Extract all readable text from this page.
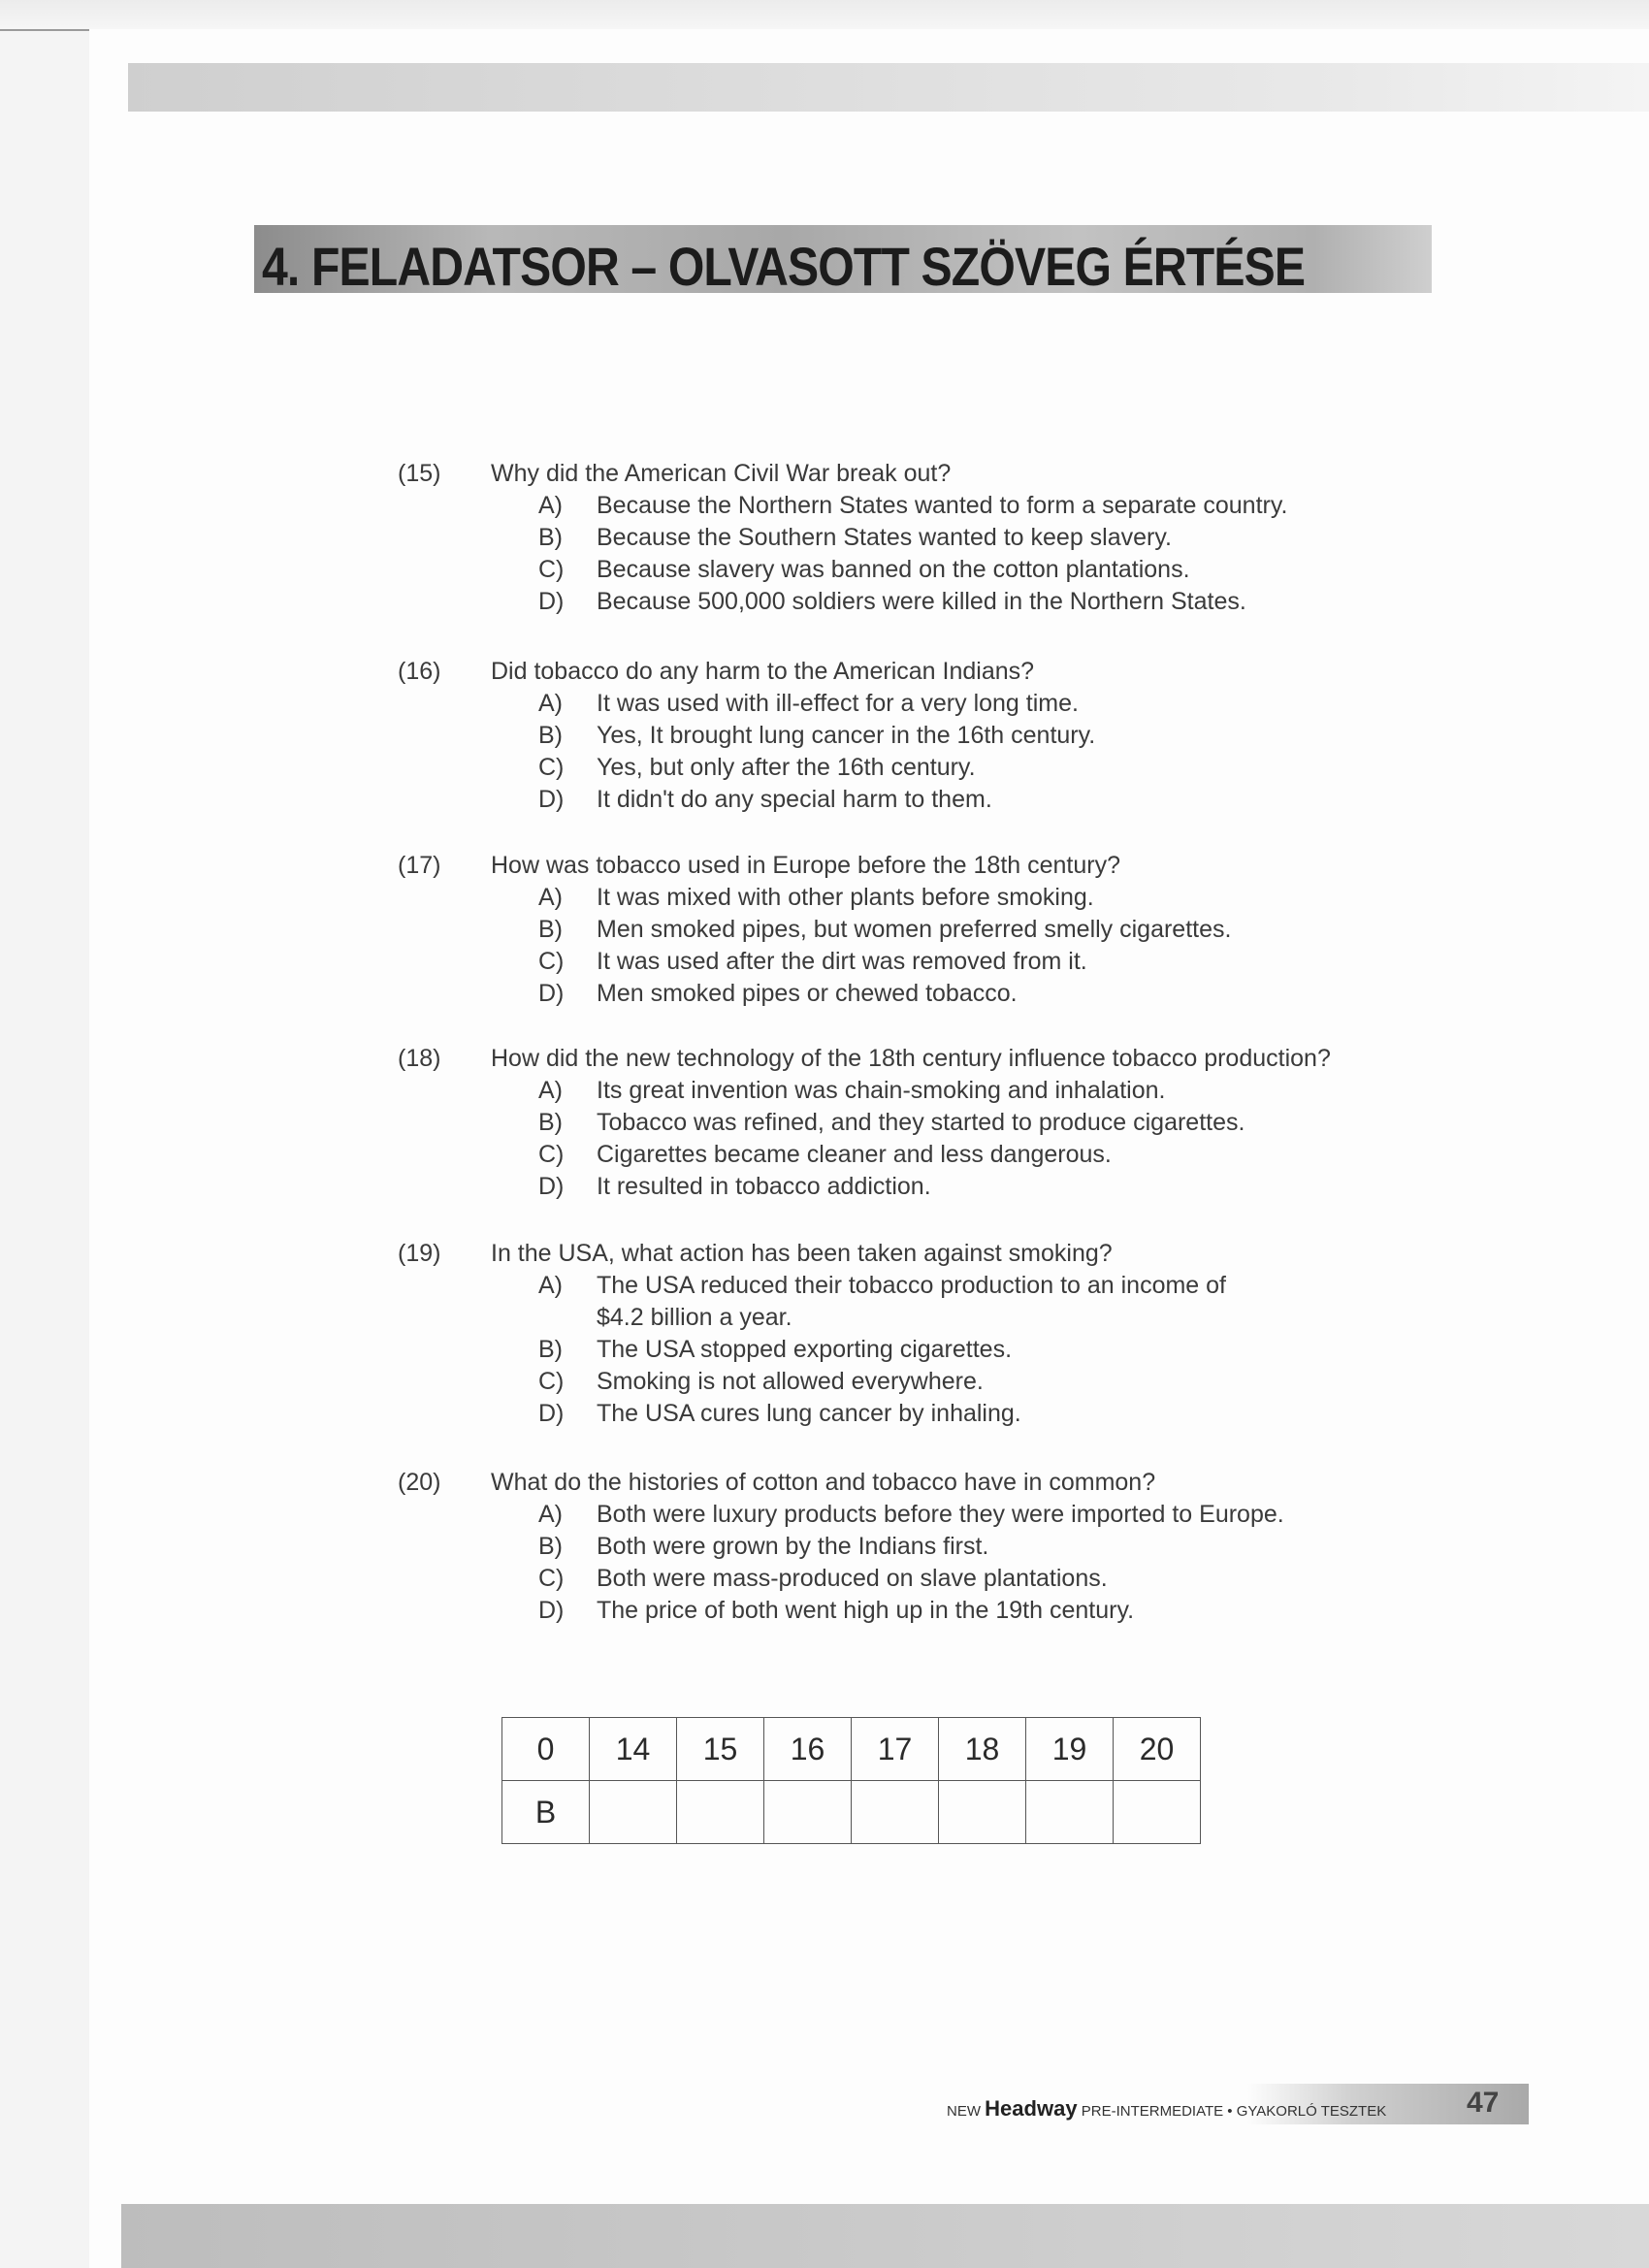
4. FELADATSOR – OLVASOTT SZÖVEG ÉRTÉSE
(15) Why did the American Civil War break out?
A) Because the Northern States wanted to form a separate country.
B) Because the Southern States wanted to keep slavery.
C) Because slavery was banned on the cotton plantations.
D) Because 500,000 soldiers were killed in the Northern States.
(16) Did tobacco do any harm to the American Indians?
A) It was used with ill-effect for a very long time.
B) Yes, It brought lung cancer in the 16th century.
C) Yes, but only after the 16th century.
D) It didn't do any special harm to them.
(17) How was tobacco used in Europe before the 18th century?
A) It was mixed with other plants before smoking.
B) Men smoked pipes, but women preferred smelly cigarettes.
C) It was used after the dirt was removed from it.
D) Men smoked pipes or chewed tobacco.
(18) How did the new technology of the 18th century influence tobacco production?
A) Its great invention was chain-smoking and inhalation.
B) Tobacco was refined, and they started to produce cigarettes.
C) Cigarettes became cleaner and less dangerous.
D) It resulted in tobacco addiction.
(19) In the USA, what action has been taken against smoking?
A) The USA reduced their tobacco production to an income of
$4.2 billion a year.
B) The USA stopped exporting cigarettes.
C) Smoking is not allowed everywhere.
D) The USA cures lung cancer by inhaling.
(20) What do the histories of cotton and tobacco have in common?
A) Both were luxury products before they were imported to Europe.
B) Both were grown by the Indians first.
C) Both were mass-produced on slave plantations.
D) The price of both went high up in the 19th century.
0	14	15	16	17	18	19	20
B							
NEW Headway PRE-INTERMEDIATE • GYAKORLÓ TESZTEK	47
